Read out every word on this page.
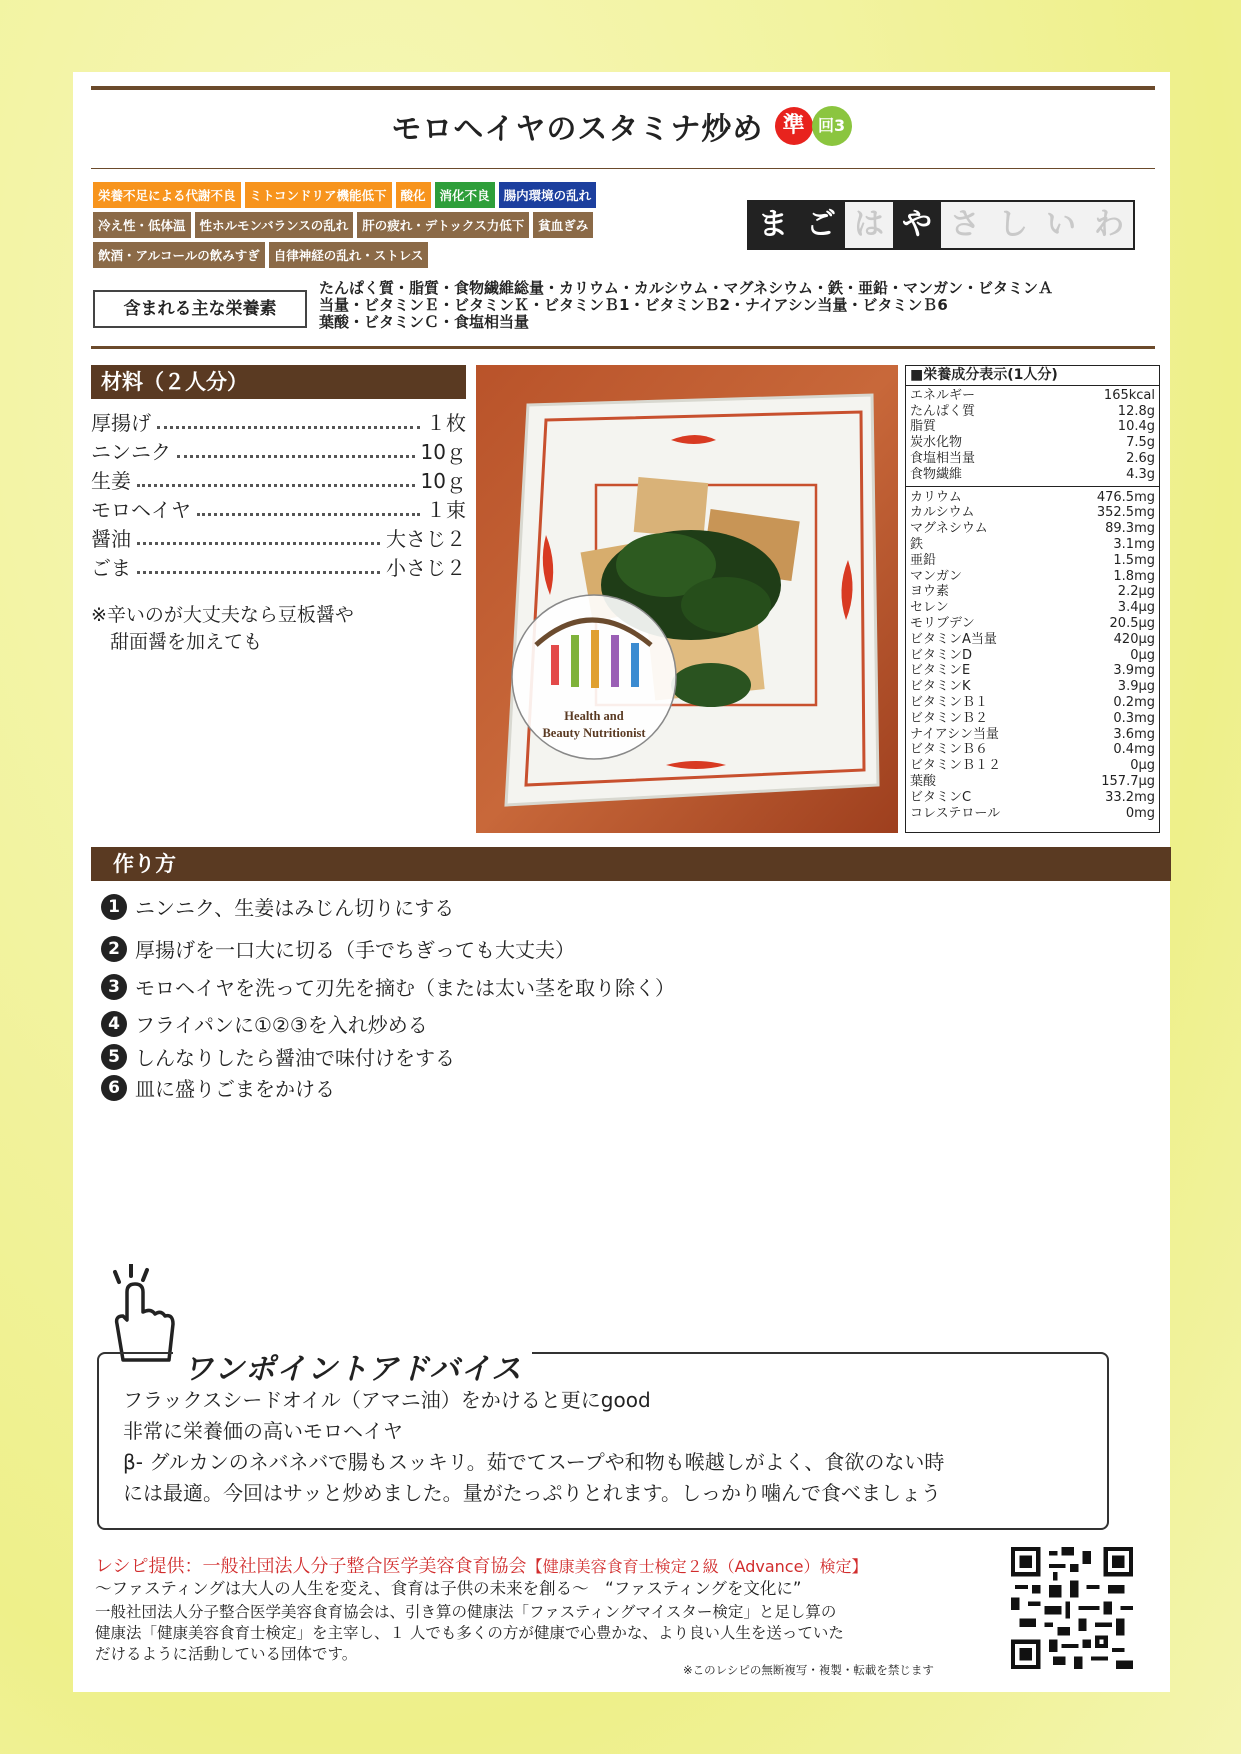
モロヘイヤのスタミナ炒め 準 回3
栄養不足による代謝不良	ミトコンドリア機能低下	酸化	消化不良	腸内環境の乱れ
冷え性・低体温	性ホルモンバランスの乱れ	肝の疲れ・デトックス力低下	貧血ぎみ
飲酒・アルコールの飲みすぎ	自律神経の乱れ・ストレス
ま ご は や さ し い わ
含まれる主な栄養素
たんぱく質・脂質・食物繊維総量・カリウム・カルシウム・マグネシウム・鉄・亜鉛・マンガン・ビタミンＡ
当量・ビタミンＥ・ビタミンＫ・ビタミンＢ1・ビタミンＢ2・ナイアシン当量・ビタミンＢ6
葉酸・ビタミンＣ・食塩相当量
材料（２人分）
厚揚げ	１枚
ニンニク	10ｇ
生姜	10ｇ
モロヘイヤ	１束
醤油	大さじ２
ごま	小さじ２
※辛いのが大丈夫なら豆板醤や
　甜面醤を加えても
Health and
Beauty Nutritionist
■栄養成分表示(1人分)
エネルギー	165kcal
たんぱく質	12.8g
脂質	10.4g
炭水化物	7.5g
食塩相当量	2.6g
食物繊維	4.3g
カリウム	476.5mg
カルシウム	352.5mg
マグネシウム	89.3mg
鉄	3.1mg
亜鉛	1.5mg
マンガン	1.8mg
ヨウ素	2.2μg
セレン	3.4μg
モリブデン	20.5μg
ビタミンA当量	420μg
ビタミンD	0μg
ビタミンE	3.9mg
ビタミンK	3.9μg
ビタミンＢ１	0.2mg
ビタミンＢ２	0.3mg
ナイアシン当量	3.6mg
ビタミンＢ６	0.4mg
ビタミンＢ１２	0μg
葉酸	157.7μg
ビタミンC	33.2mg
コレステロール	0mg
作り方
1 ニンニク、生姜はみじん切りにする
2 厚揚げを一口大に切る（手でちぎっても大丈夫）
3 モロヘイヤを洗って刃先を摘む（または太い茎を取り除く）
4 フライパンに①②③を入れ炒める
5 しんなりしたら醤油で味付けをする
6 皿に盛りごまをかける
ワンポイントアドバイス
フラックスシードオイル（アマニ油）をかけると更にgood
非常に栄養価の高いモロヘイヤ
β- グルカンのネバネバで腸もスッキリ。茹でてスープや和物も喉越しがよく、食欲のない時
には最適。今回はサッと炒めました。量がたっぷりとれます。しっかり噛んで食べましょう
レシピ提供：一般社団法人分子整合医学美容食育協会【健康美容食育士検定２級（Advance）検定】
～ファスティングは大人の人生を変え、食育は子供の未来を創る～　“ファスティングを文化に”
一般社団法人分子整合医学美容食育協会は、引き算の健康法「ファスティングマイスター検定」と足し算の
健康法「健康美容食育士検定」を主宰し、１ 人でも多くの方が健康で心豊かな、より良い人生を送っていた
だけるように活動している団体です。
※このレシピの無断複写・複製・転載を禁じます
